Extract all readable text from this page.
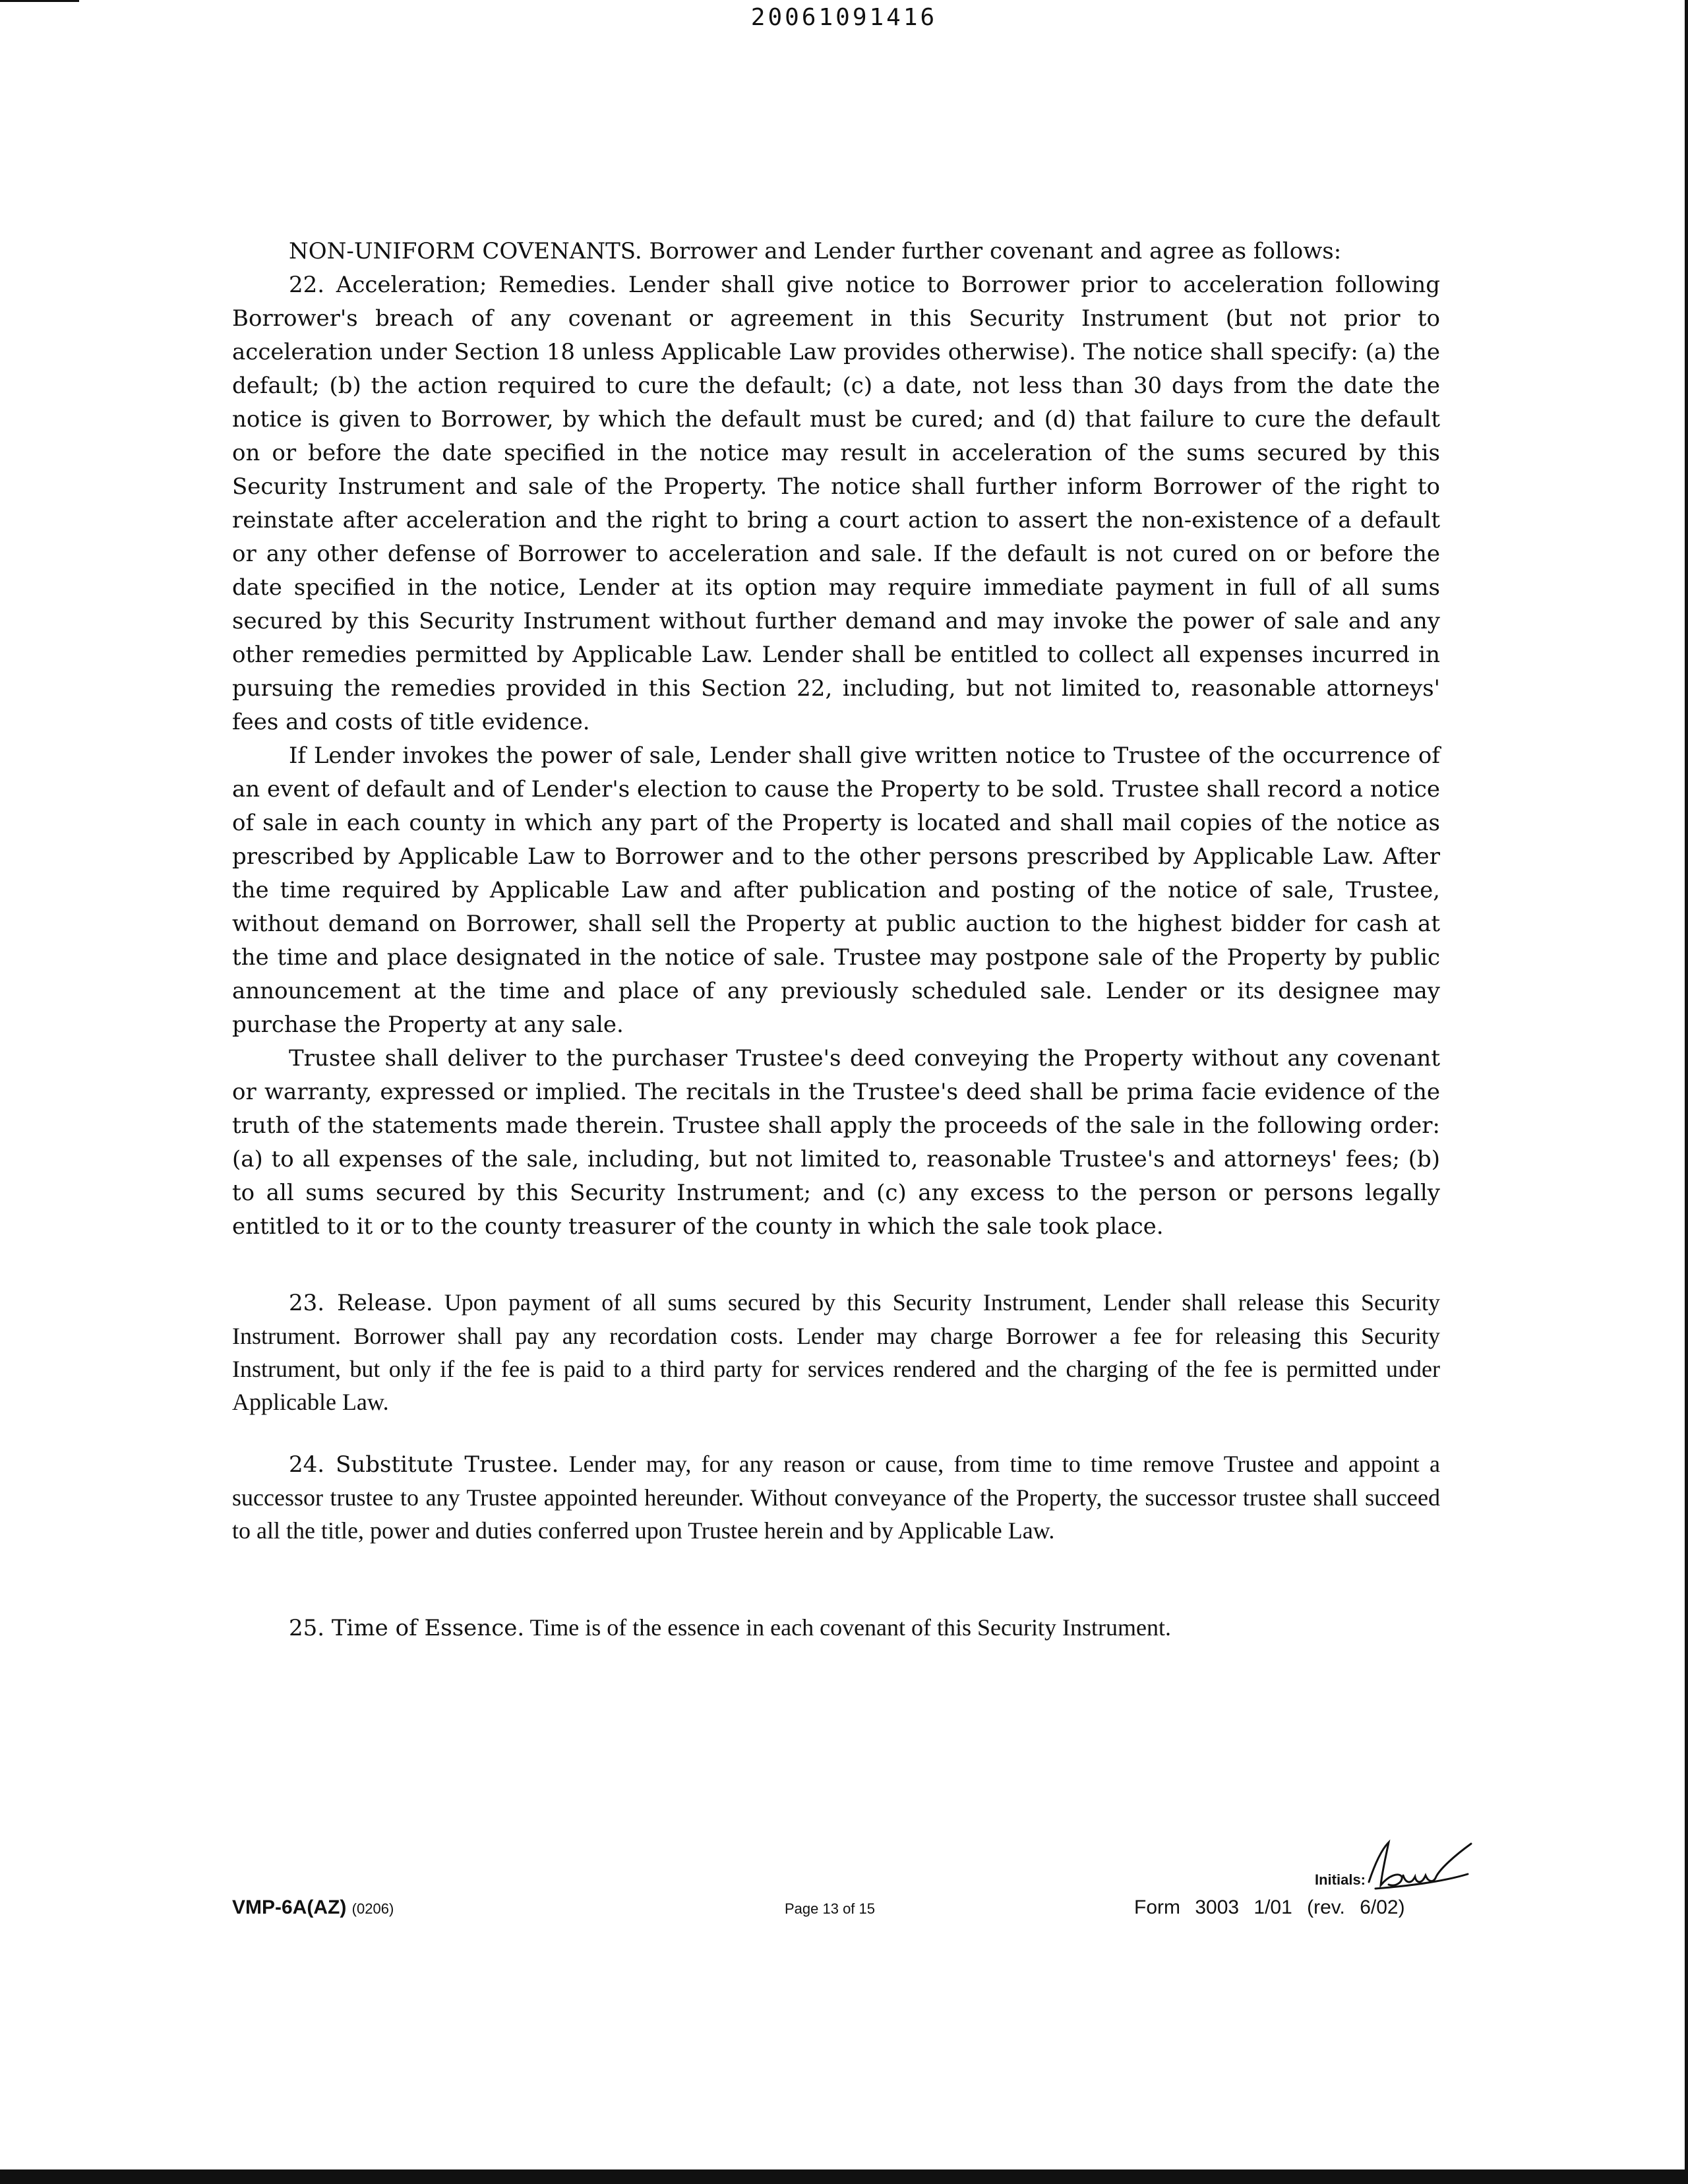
20061091416

NON-UNIFORM COVENANTS. Borrower and Lender further covenant and agree as follows:

22. Acceleration; Remedies. Lender shall give notice to Borrower prior to acceleration following Borrower's breach of any covenant or agreement in this Security Instrument (but not prior to acceleration under Section 18 unless Applicable Law provides otherwise). The notice shall specify: (a) the default; (b) the action required to cure the default; (c) a date, not less than 30 days from the date the notice is given to Borrower, by which the default must be cured; and (d) that failure to cure the default on or before the date specified in the notice may result in acceleration of the sums secured by this Security Instrument and sale of the Property. The notice shall further inform Borrower of the right to reinstate after acceleration and the right to bring a court action to assert the non-existence of a default or any other defense of Borrower to acceleration and sale. If the default is not cured on or before the date specified in the notice, Lender at its option may require immediate payment in full of all sums secured by this Security Instrument without further demand and may invoke the power of sale and any other remedies permitted by Applicable Law. Lender shall be entitled to collect all expenses incurred in pursuing the remedies provided in this Section 22, including, but not limited to, reasonable attorneys' fees and costs of title evidence.

If Lender invokes the power of sale, Lender shall give written notice to Trustee of the occurrence of an event of default and of Lender's election to cause the Property to be sold. Trustee shall record a notice of sale in each county in which any part of the Property is located and shall mail copies of the notice as prescribed by Applicable Law to Borrower and to the other persons prescribed by Applicable Law. After the time required by Applicable Law and after publication and posting of the notice of sale, Trustee, without demand on Borrower, shall sell the Property at public auction to the highest bidder for cash at the time and place designated in the notice of sale. Trustee may postpone sale of the Property by public announcement at the time and place of any previously scheduled sale. Lender or its designee may purchase the Property at any sale.

Trustee shall deliver to the purchaser Trustee's deed conveying the Property without any covenant or warranty, expressed or implied. The recitals in the Trustee's deed shall be prima facie evidence of the truth of the statements made therein. Trustee shall apply the proceeds of the sale in the following order: (a) to all expenses of the sale, including, but not limited to, reasonable Trustee's and attorneys' fees; (b) to all sums secured by this Security Instrument; and (c) any excess to the person or persons legally entitled to it or to the county treasurer of the county in which the sale took place.

23. Release. Upon payment of all sums secured by this Security Instrument, Lender shall release this Security Instrument. Borrower shall pay any recordation costs. Lender may charge Borrower a fee for releasing this Security Instrument, but only if the fee is paid to a third party for services rendered and the charging of the fee is permitted under Applicable Law.

24. Substitute Trustee. Lender may, for any reason or cause, from time to time remove Trustee and appoint a successor trustee to any Trustee appointed hereunder. Without conveyance of the Property, the successor trustee shall succeed to all the title, power and duties conferred upon Trustee herein and by Applicable Law.

25. Time of Essence. Time is of the essence in each covenant of this Security Instrument.

Initials:
VMP-6A(AZ) (0206)	Page 13 of 15	Form 3003 1/01 (rev. 6/02)
